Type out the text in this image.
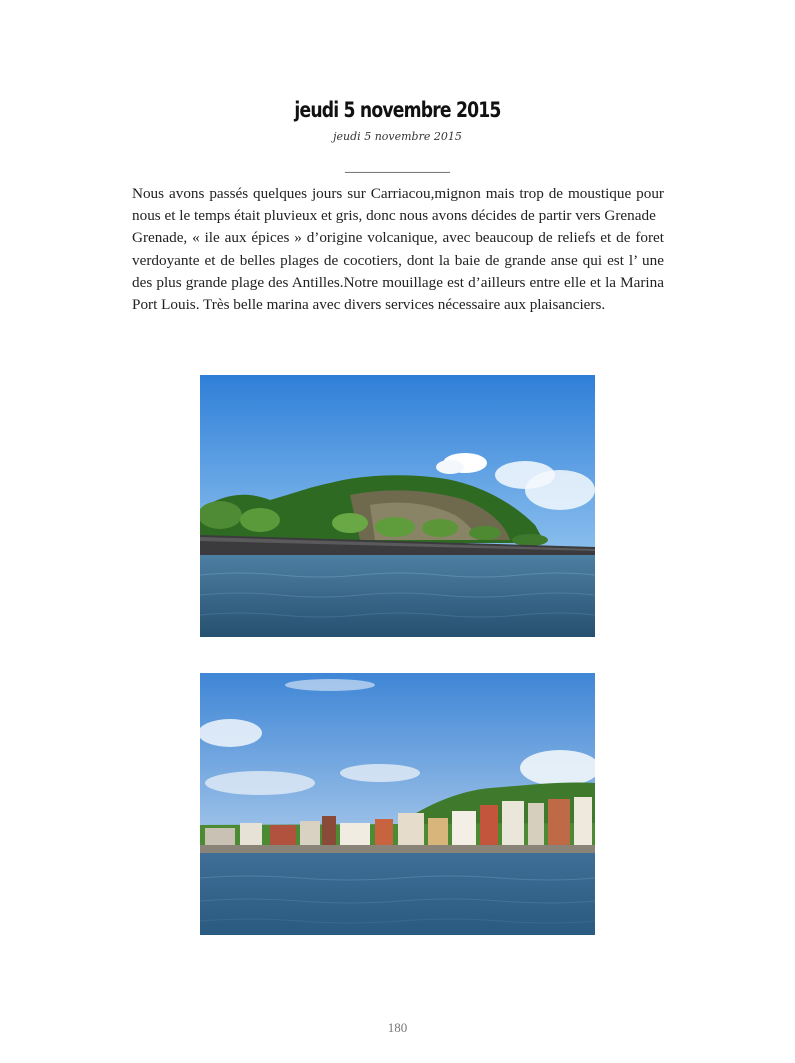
jeudi 5 novembre 2015
jeudi 5 novembre 2015
_______________

Nous avons passés quelques jours sur Carriacou,mignon mais trop de moustique pour nous et le temps était pluvieux et gris, donc nous avons décides de partir vers Grenade

Grenade, « ile aux épices » d’origine volcanique, avec beaucoup de reliefs et de foret verdoyante et de belles plages de cocotiers, dont la baie de grande anse qui est l’ une des plus grande plage des Antilles.Notre mouillage est d’ailleurs entre elle et la Marina Port Louis. Très belle marina avec divers services nécessaire aux plaisanciers.

180
